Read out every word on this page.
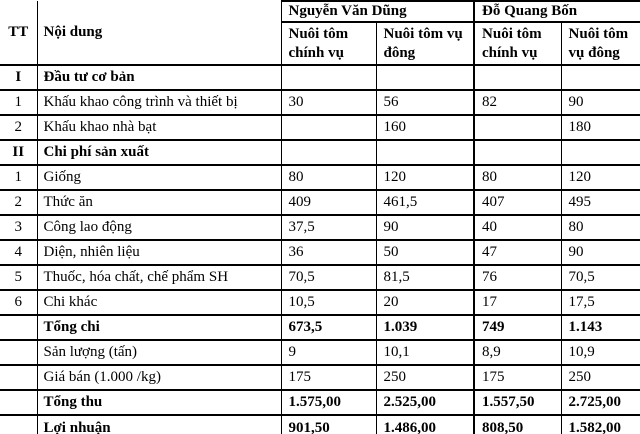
TT	Nội dung	Nguyễn Văn Dũng		Đỗ Quang Bốn	
		Nuôi tôm chính vụ	Nuôi tôm vụ đông	Nuôi tôm chính vụ	Nuôi tôm vụ đông
I	Đầu tư cơ bản				
1	Khấu khao công trình và thiết bị	30	56	82	90
2	Khấu khao nhà bạt		160		180
II	Chi phí sản xuất				
1	Giống	80	120	80	120
2	Thức ăn	409	461,5	407	495
3	Công lao động	37,5	90	40	80
4	Diện, nhiên liệu	36	50	47	90
5	Thuốc, hóa chất, chế phẩm SH	70,5	81,5	76	70,5
6	Chi khác	10,5	20	17	17,5
	Tổng chi	673,5	1.039	749	1.143
	Sản lượng (tấn)	9	10,1	8,9	10,9
	Giá bán (1.000 /kg)	175	250	175	250
	Tổng thu	1.575,00	2.525,00	1.557,50	2.725,00
	Lợi nhuận	901,50	1.486,00	808,50	1.582,00
